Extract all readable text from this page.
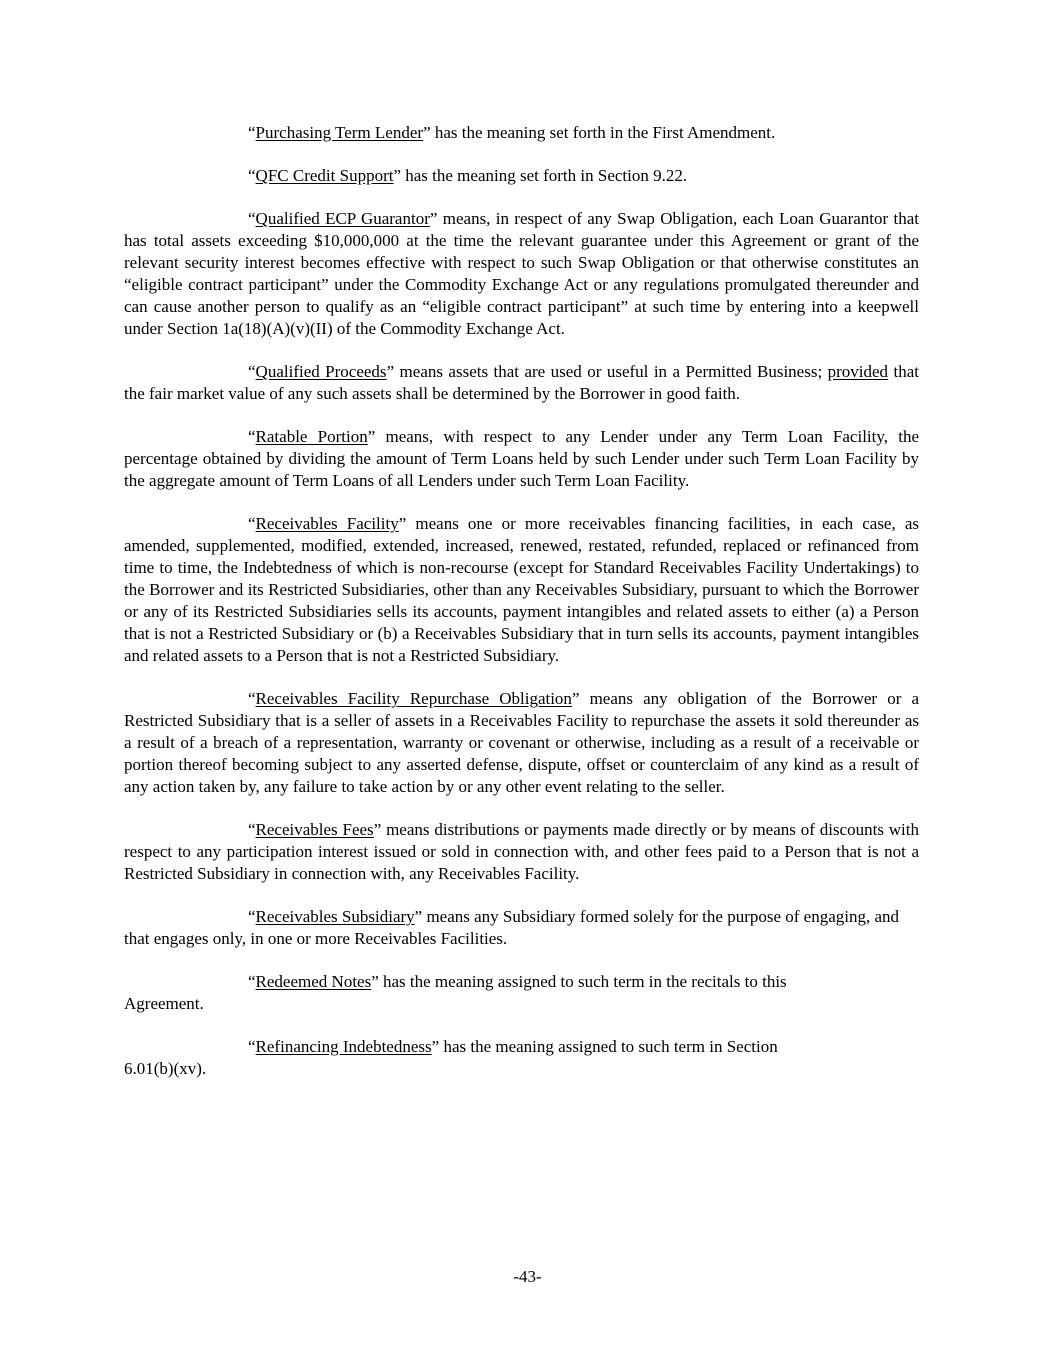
“Purchasing Term Lender” has the meaning set forth in the First Amendment.

“QFC Credit Support” has the meaning set forth in Section 9.22.

“Qualified ECP Guarantor” means, in respect of any Swap Obligation, each Loan Guarantor that has total assets exceeding $10,000,000 at the time the relevant guarantee under this Agreement or grant of the relevant security interest becomes effective with respect to such Swap Obligation or that otherwise constitutes an “eligible contract participant” under the Commodity Exchange Act or any regulations promulgated thereunder and can cause another person to qualify as an “eligible contract participant” at such time by entering into a keepwell under Section 1a(18)(A)(v)(II) of the Commodity Exchange Act.

“Qualified Proceeds” means assets that are used or useful in a Permitted Business; provided that the fair market value of any such assets shall be determined by the Borrower in good faith.

“Ratable Portion” means, with respect to any Lender under any Term Loan Facility, the percentage obtained by dividing the amount of Term Loans held by such Lender under such Term Loan Facility by the aggregate amount of Term Loans of all Lenders under such Term Loan Facility.

“Receivables Facility” means one or more receivables financing facilities, in each case, as amended, supplemented, modified, extended, increased, renewed, restated, refunded, replaced or refinanced from time to time, the Indebtedness of which is non-recourse (except for Standard Receivables Facility Undertakings) to the Borrower and its Restricted Subsidiaries, other than any Receivables Subsidiary, pursuant to which the Borrower or any of its Restricted Subsidiaries sells its accounts, payment intangibles and related assets to either (a) a Person that is not a Restricted Subsidiary or (b) a Receivables Subsidiary that in turn sells its accounts, payment intangibles and related assets to a Person that is not a Restricted Subsidiary.

“Receivables Facility Repurchase Obligation” means any obligation of the Borrower or a Restricted Subsidiary that is a seller of assets in a Receivables Facility to repurchase the assets it sold thereunder as a result of a breach of a representation, warranty or covenant or otherwise, including as a result of a receivable or portion thereof becoming subject to any asserted defense, dispute, offset or counterclaim of any kind as a result of any action taken by, any failure to take action by or any other event relating to the seller.

“Receivables Fees” means distributions or payments made directly or by means of discounts with respect to any participation interest issued or sold in connection with, and other fees paid to a Person that is not a Restricted Subsidiary in connection with, any Receivables Facility.

“Receivables Subsidiary” means any Subsidiary formed solely for the purpose of engaging, and that engages only, in one or more Receivables Facilities.

“Redeemed Notes” has the meaning assigned to such term in the recitals to this Agreement.

“Refinancing Indebtedness” has the meaning assigned to such term in Section 6.01(b)(xv).

-43-
